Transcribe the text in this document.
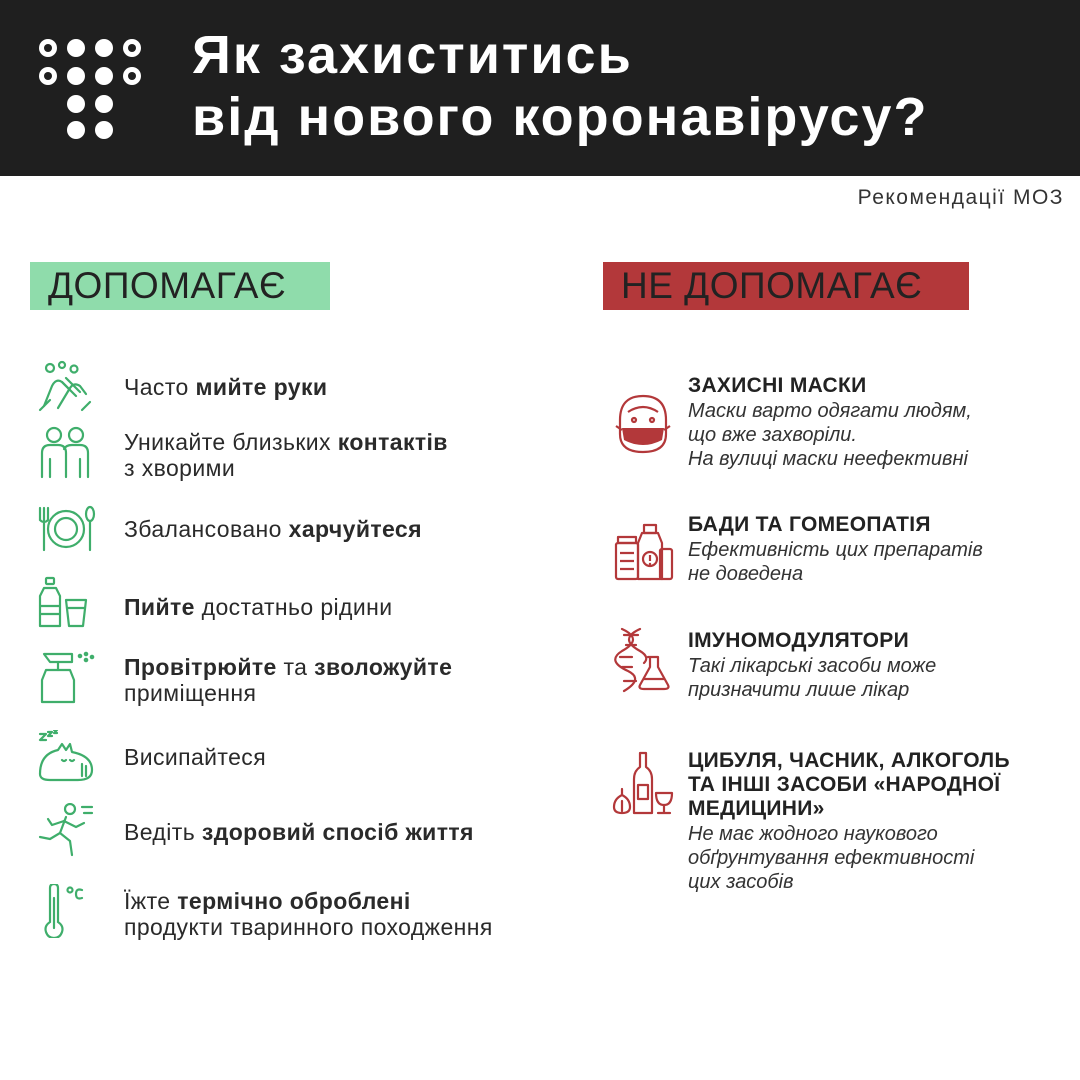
Як захиститись
від нового коронавірусу?
Рекомендації МОЗ
ДОПОМАГАЄ	НЕ ДОПОМАГАЄ
Часто мийте руки
Уникайте близьких контактів
з хворими
Збалансовано харчуйтеся
Пийте достатньо рідини
Провітрюйте та зволожуйте
приміщення
Висипайтеся
Ведіть здоровий спосіб життя
Їжте термічно оброблені
продукти тваринного походження
ЗАХИСНІ МАСКИ
Маски варто одягати людям,
що вже захворіли.
На вулиці маски неефективні
БАДИ ТА ГОМЕОПАТІЯ
Ефективність цих препаратів
не доведена
ІМУНОМОДУЛЯТОРИ
Такі лікарські засоби може
призначити лише лікар
ЦИБУЛЯ, ЧАСНИК, АЛКОГОЛЬ
ТА ІНШІ ЗАСОБИ «НАРОДНОЇ
МЕДИЦИНИ»
Не має жодного наукового
обґрунтування ефективності
цих засобів
